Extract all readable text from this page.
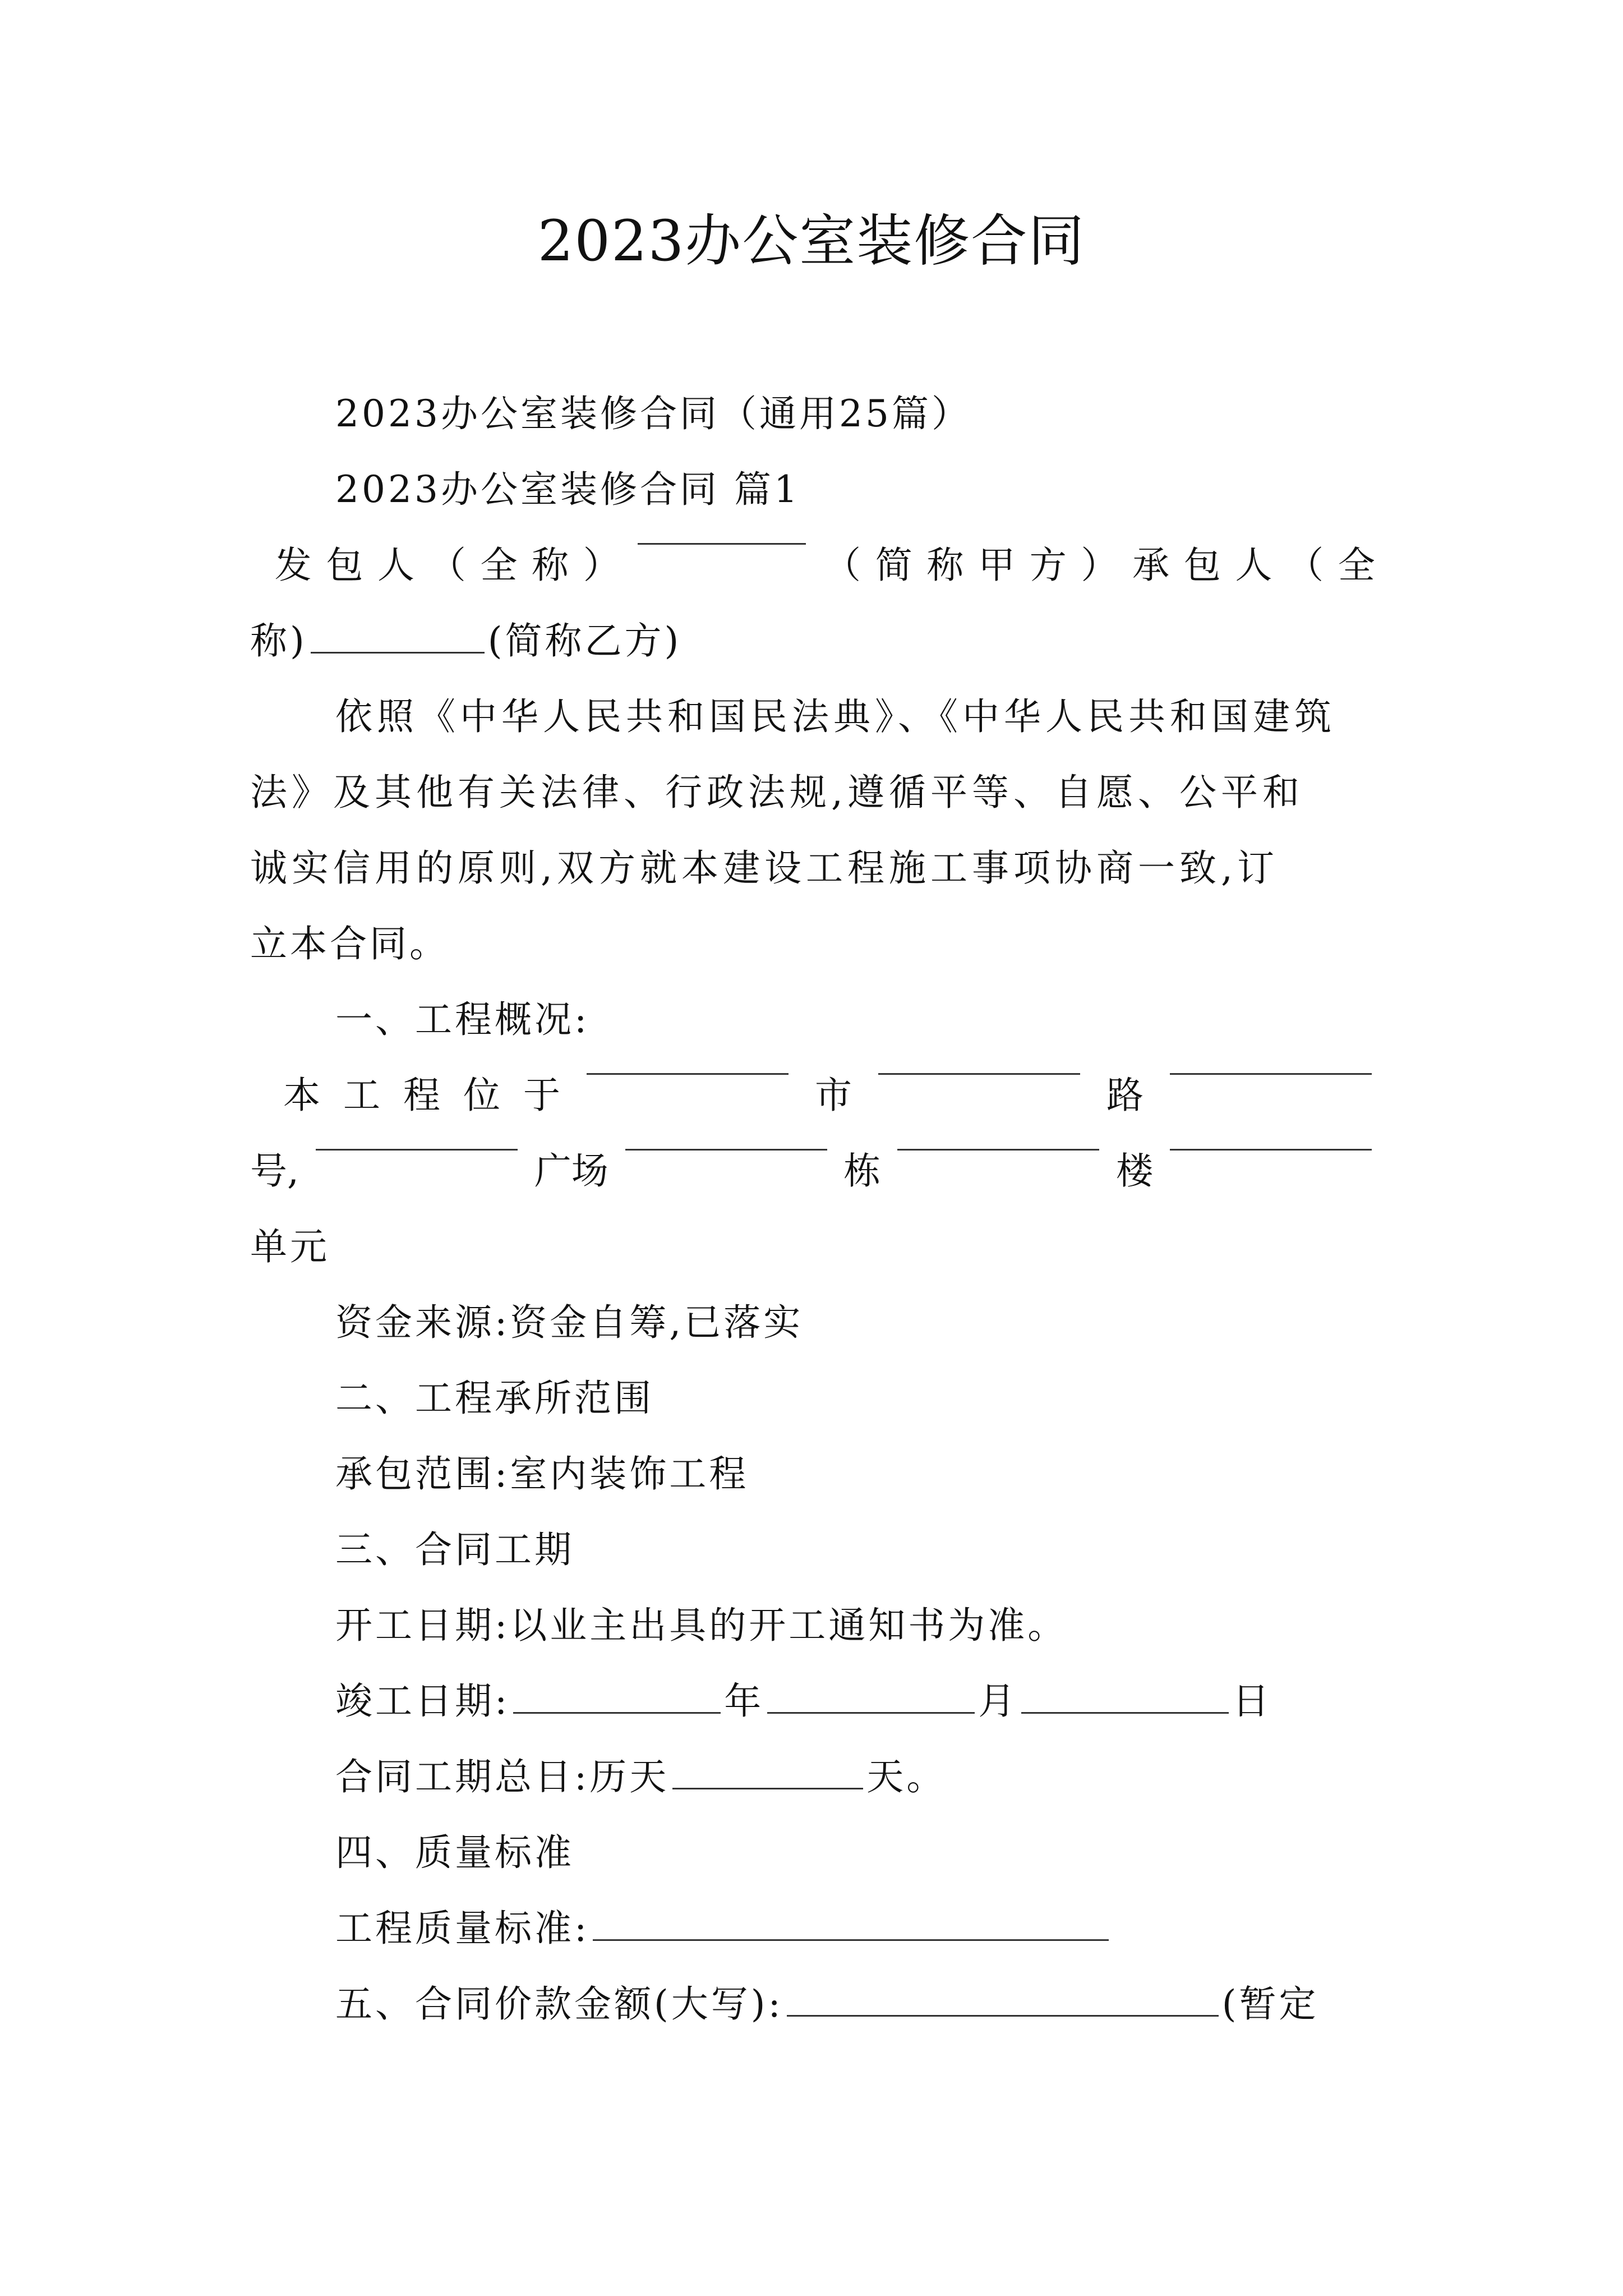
2023办公室装修合同
2023办公室装修合同（通用25篇）
2023办公室装修合同 篇1
发 包 人 （ 全 称 ）	（ 简 称 甲 方 ） 承 包 人 （ 全
称)	(简称乙方)
依照《中华人民共和国民法典》、《中华人民共和国建筑
法》及其他有关法律、行政法规,遵循平等、自愿、公平和
诚实信用的原则,双方就本建设工程施工事项协商一致,订
立本合同。
一、工程概况:
本 工 程 位 于	市	路
号,	广场	栋	楼
单元
资金来源:资金自筹,已落实
二、工程承所范围
承包范围:室内装饰工程
三、合同工期
开工日期:以业主出具的开工通知书为准。
竣工日期:	年	月	日
合同工期总日:历天	天。
四、质量标准
工程质量标准:
五、合同价款金额(大写):	(暂定
